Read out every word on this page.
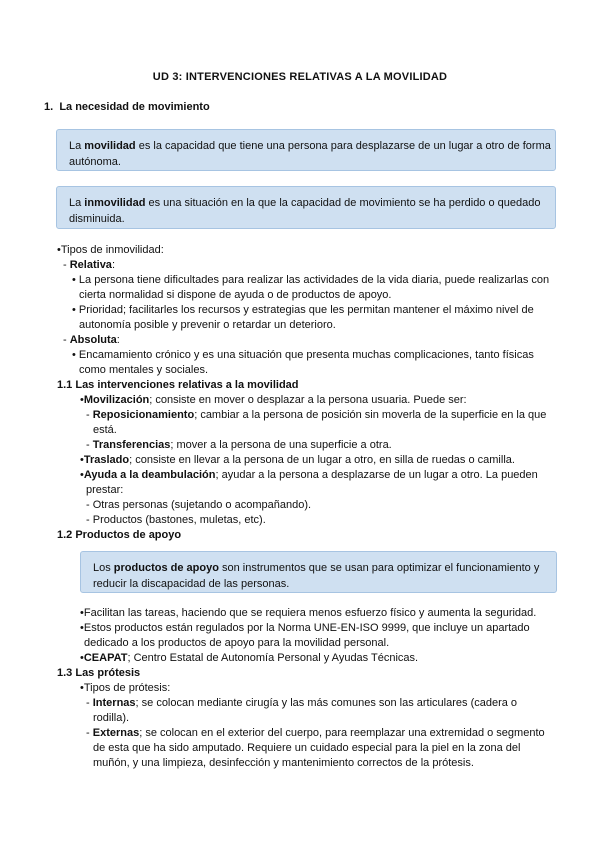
UD 3: INTERVENCIONES RELATIVAS A LA MOVILIDAD
1. La necesidad de movimiento
La movilidad es la capacidad que tiene una persona para desplazarse de un lugar a otro de forma
autónoma.
La inmovilidad es una situación en la que la capacidad de movimiento se ha perdido o quedado
disminuida.
•Tipos de inmovilidad:
- Relativa:
• La persona tiene dificultades para realizar las actividades de la vida diaria, puede realizarlas con
cierta normalidad si dispone de ayuda o de productos de apoyo.
• Prioridad; facilitarles los recursos y estrategias que les permitan mantener el máximo nivel de
autonomía posible y prevenir o retardar un deterioro.
- Absoluta:
• Encamamiento crónico y es una situación que presenta muchas complicaciones, tanto físicas
como mentales y sociales.
1.1 Las intervenciones relativas a la movilidad
•Movilización; consiste en mover o desplazar a la persona usuaria. Puede ser:
- Reposicionamiento; cambiar a la persona de posición sin moverla de la superficie en la que
está.
- Transferencias; mover a la persona de una superficie a otra.
•Traslado; consiste en llevar a la persona de un lugar a otro, en silla de ruedas o camilla.
•Ayuda a la deambulación; ayudar a la persona a desplazarse de un lugar a otro. La pueden
prestar:
- Otras personas (sujetando o acompañando).
- Productos (bastones, muletas, etc).
1.2 Productos de apoyo
Los productos de apoyo son instrumentos que se usan para optimizar el funcionamiento y
reducir la discapacidad de las personas.
•Facilitan las tareas, haciendo que se requiera menos esfuerzo físico y aumenta la seguridad.
•Estos productos están regulados por la Norma UNE-EN-ISO 9999, que incluye un apartado
dedicado a los productos de apoyo para la movilidad personal.
•CEAPAT; Centro Estatal de Autonomía Personal y Ayudas Técnicas.
1.3 Las prótesis
•Tipos de prótesis:
- Internas; se colocan mediante cirugía y las más comunes son las articulares (cadera o
rodilla).
- Externas; se colocan en el exterior del cuerpo, para reemplazar una extremidad o segmento
de esta que ha sido amputado. Requiere un cuidado especial para la piel en la zona del
muñón, y una limpieza, desinfección y mantenimiento correctos de la prótesis.
